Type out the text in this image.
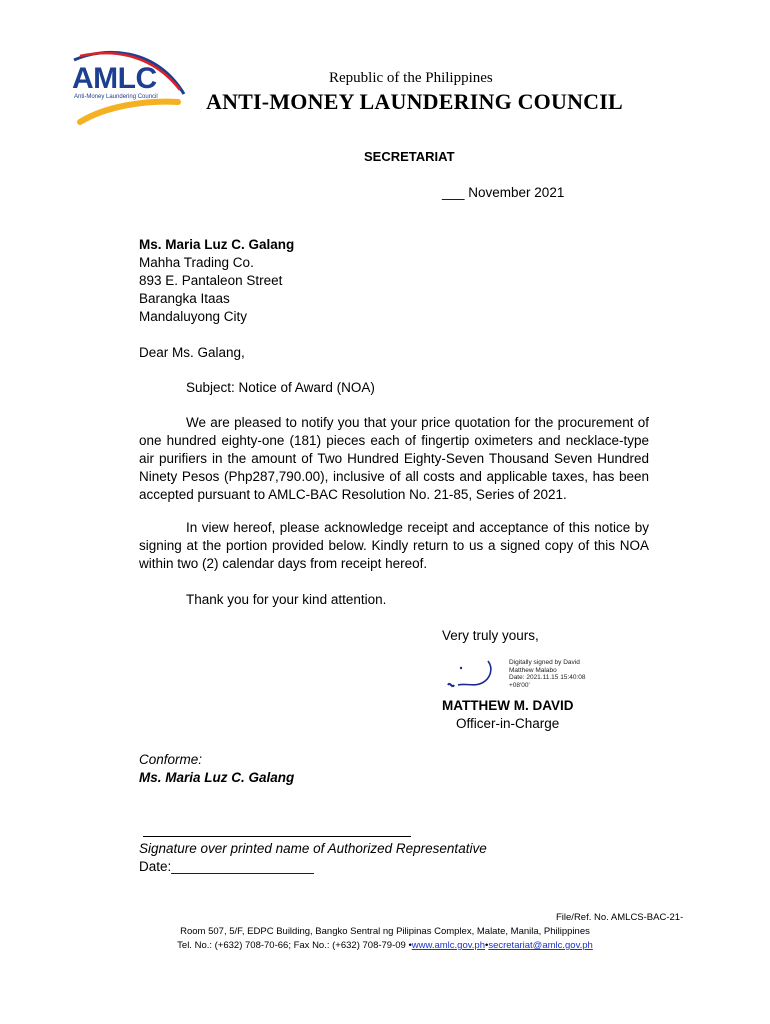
AMLC
Anti-Money Laundering Council
Republic of the Philippines
ANTI-MONEY LAUNDERING COUNCIL
SECRETARIAT
___ November 2021
Ms. Maria Luz C. Galang
Mahha Trading Co.
893 E. Pantaleon Street
Barangka Itaas
Mandaluyong City
Dear Ms. Galang,
Subject: Notice of Award (NOA)
We are pleased to notify you that your price quotation for the procurement of one hundred eighty-one (181) pieces each of fingertip oximeters and necklace-type air purifiers in the amount of Two Hundred Eighty-Seven Thousand Seven Hundred Ninety Pesos (Php287,790.00), inclusive of all costs and applicable taxes, has been accepted pursuant to AMLC-BAC Resolution No. 21-85, Series of 2021.
In view hereof, please acknowledge receipt and acceptance of this notice by signing at the portion provided below. Kindly return to us a signed copy of this NOA within two (2) calendar days from receipt hereof.
Thank you for your kind attention.
Very truly yours,
Digitally signed by David
Matthew Malabo
Date: 2021.11.15 15:40:08
+08'00'
MATTHEW M. DAVID
Officer-in-Charge
Conforme:
Ms. Maria Luz C. Galang
Signature over printed name of Authorized Representative
Date:___________________
File/Ref. No. AMLCS-BAC-21-
Room 507, 5/F, EDPC Building, Bangko Sentral ng Pilipinas Complex, Malate, Manila, Philippines
Tel. No.: (+632) 708-70-66; Fax No.: (+632) 708-79-09 •www.amlc.gov.ph•secretariat@amlc.gov.ph
